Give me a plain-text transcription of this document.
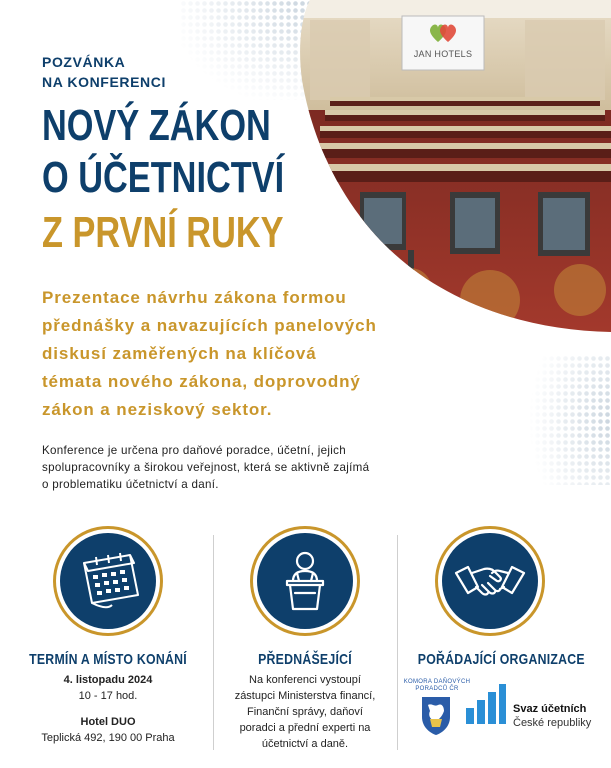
JAN HOTELS
POZVÁNKA
NA KONFERENCI
NOVÝ ZÁKON
O ÚČETNICTVÍ
Z PRVNÍ RUKY
Prezentace návrhu zákona formou
přednášky a navazujících panelových
diskusí zaměřených na klíčová
témata nového zákona, doprovodný
zákon a neziskový sektor.
Konference je určena pro daňové poradce, účetní, jejich
spolupracovníky a širokou veřejnost, která se aktivně zajímá
o problematiku účetnictví a daní.
TERMÍN A MÍSTO KONÁNÍ
4. listopadu 2024
10 - 17 hod.
Hotel DUO
Teplická 492, 190 00 Praha
PŘEDNÁŠEJÍCÍ
Na konferenci vystoupí
zástupci Ministerstva financí,
Finanční správy, daňoví
poradci a přední experti na
účetnictví a daně.
POŘÁDAJÍCÍ ORGANIZACE
KOMORA DAŇOVÝCH PORADCŮ ČR
Svaz účetních
České republiky
